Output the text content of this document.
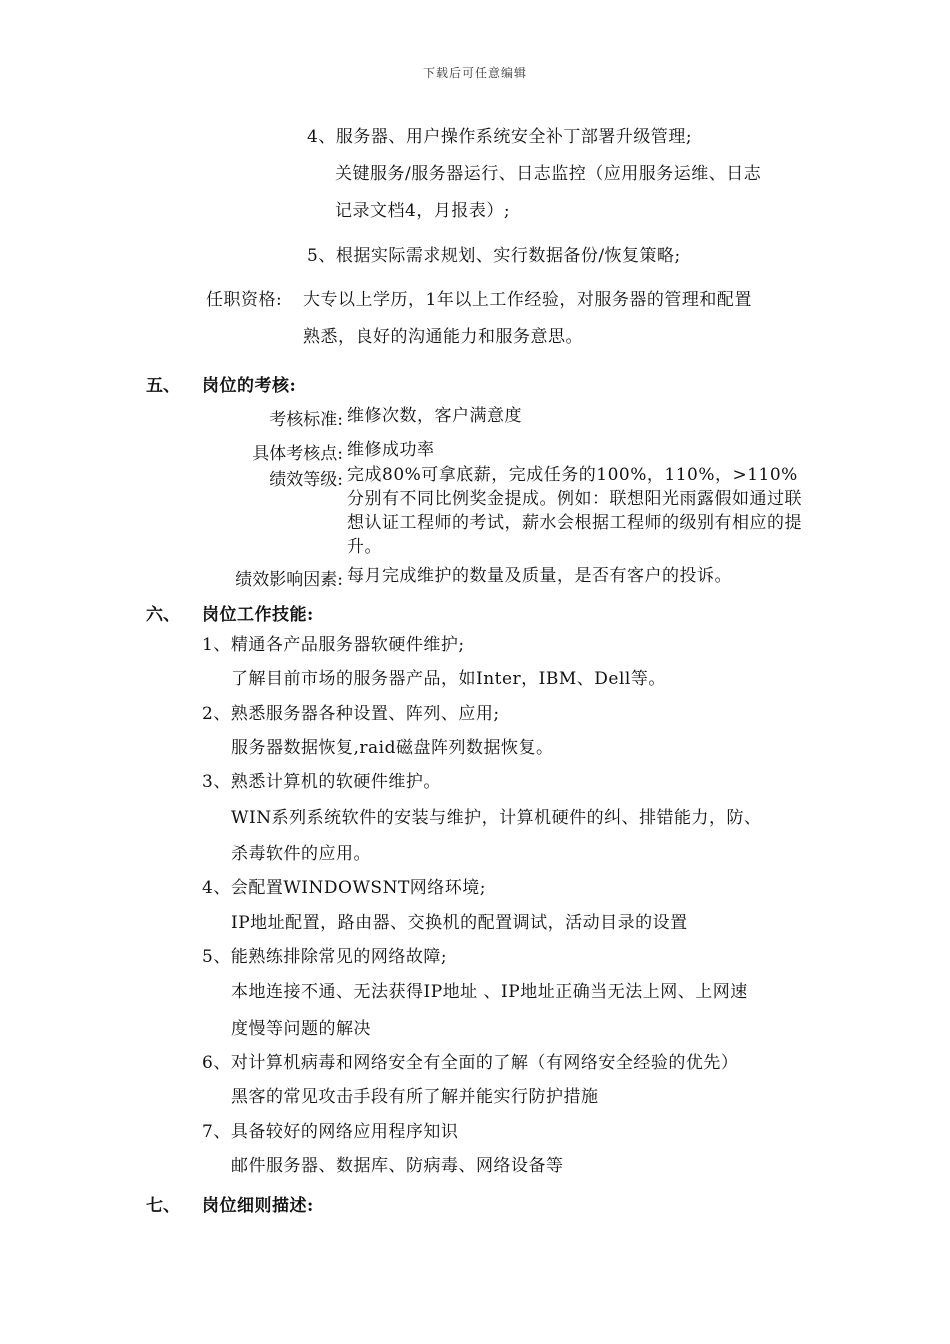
下载后可任意编辑
4、服务器、用户操作系统安全补丁部署升级管理;
关键服务/服务器运行、日志监控（应用服务运维、日志
记录文档4，月报表）;
5、根据实际需求规划、实行数据备份/恢复策略;
任职资格: 大专以上学历，1年以上工作经验，对服务器的管理和配置
熟悉，良好的沟通能力和服务意思。
五、 岗位的考核:
考核标准: 维修次数，客户满意度
具体考核点: 维修成功率
绩效等级: 完成80%可拿底薪，完成任务的100%，110%，>110%分别有不同比例奖金提成。例如：联想阳光雨露假如通过联想认证工程师的考试，薪水会根据工程师的级别有相应的提升。
绩效影响因素: 每月完成维护的数量及质量，是否有客户的投诉。
六、 岗位工作技能:
1、精通各产品服务器软硬件维护;
了解目前市场的服务器产品，如Inter，IBM、Dell等。
2、熟悉服务器各种设置、阵列、应用;
服务器数据恢复,raid磁盘阵列数据恢复。
3、熟悉计算机的软硬件维护。
WIN系列系统软件的安装与维护，计算机硬件的纠、排错能力，防、
杀毒软件的应用。
4、会配置WINDOWSNT网络环境;
IP地址配置，路由器、交换机的配置调试，活动目录的设置
5、能熟练排除常见的网络故障;
本地连接不通、无法获得IP地址 、IP地址正确当无法上网、上网速
度慢等问题的解决
6、对计算机病毒和网络安全有全面的了解（有网络安全经验的优先）
黑客的常见攻击手段有所了解并能实行防护措施
7、具备较好的网络应用程序知识
邮件服务器、数据库、防病毒、网络设备等
七、 岗位细则描述:
